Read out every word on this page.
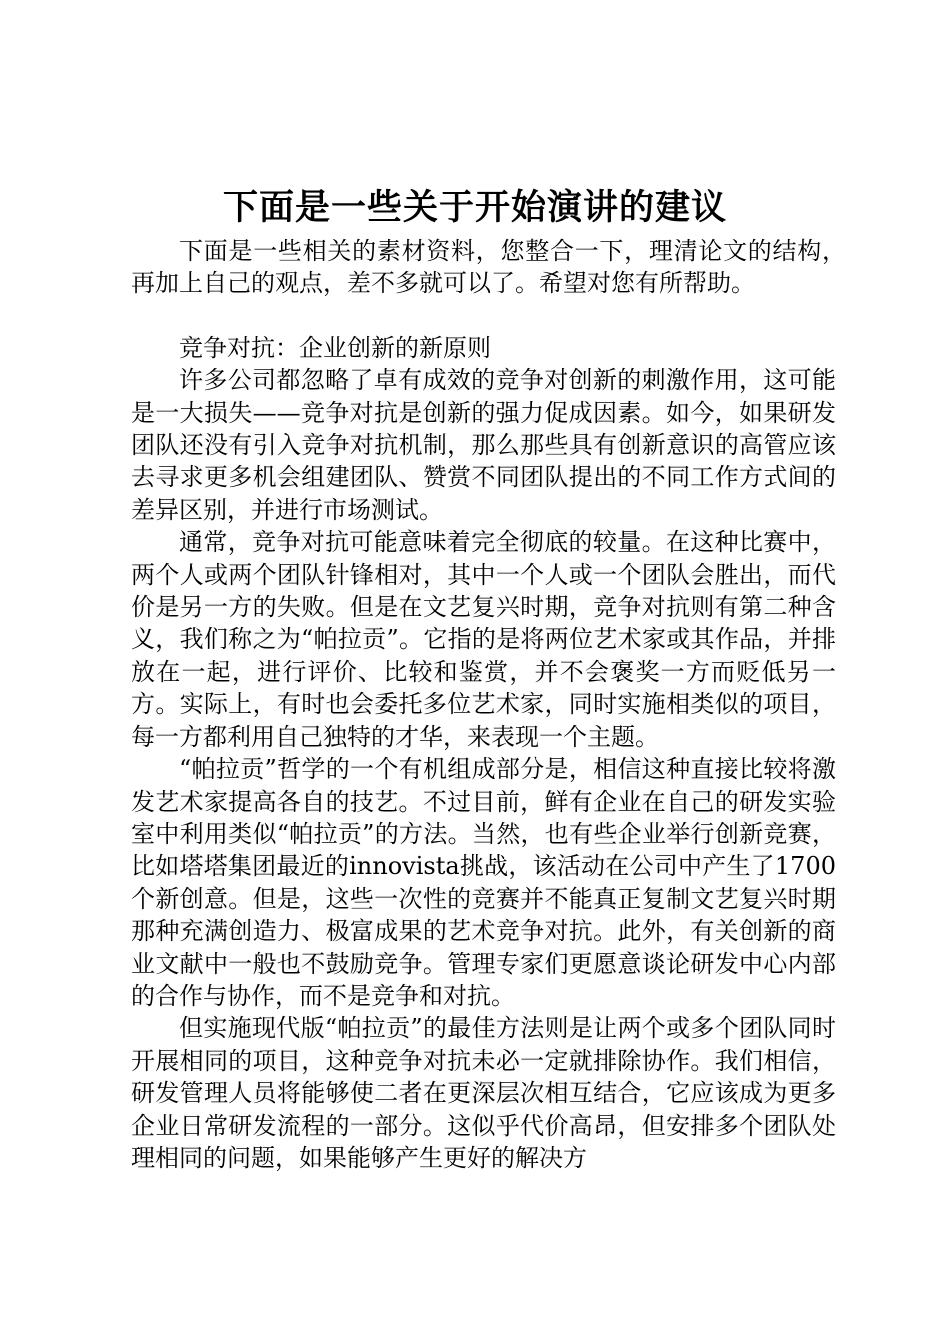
下面是一些关于开始演讲的建议

下面是一些相关的素材资料，您整合一下，理清论文的结构，再加上自己的观点，差不多就可以了。希望对您有所帮助。

竞争对抗：企业创新的新原则

许多公司都忽略了卓有成效的竞争对创新的刺激作用，这可能是一大损失——竞争对抗是创新的强力促成因素。如今，如果研发团队还没有引入竞争对抗机制，那么那些具有创新意识的高管应该去寻求更多机会组建团队、赞赏不同团队提出的不同工作方式间的差异区别，并进行市场测试。

通常，竞争对抗可能意味着完全彻底的较量。在这种比赛中，两个人或两个团队针锋相对，其中一个人或一个团队会胜出，而代价是另一方的失败。但是在文艺复兴时期，竞争对抗则有第二种含义，我们称之为“帕拉贡”。它指的是将两位艺术家或其作品，并排放在一起，进行评价、比较和鉴赏，并不会褒奖一方而贬低另一方。实际上，有时也会委托多位艺术家，同时实施相类似的项目，每一方都利用自己独特的才华，来表现一个主题。

“帕拉贡”哲学的一个有机组成部分是，相信这种直接比较将激发艺术家提高各自的技艺。不过目前，鲜有企业在自己的研发实验室中利用类似“帕拉贡”的方法。当然，也有些企业举行创新竞赛，比如塔塔集团最近的innovista挑战，该活动在公司中产生了1700个新创意。但是，这些一次性的竞赛并不能真正复制文艺复兴时期那种充满创造力、极富成果的艺术竞争对抗。此外，有关创新的商业文献中一般也不鼓励竞争。管理专家们更愿意谈论研发中心内部的合作与协作，而不是竞争和对抗。

但实施现代版“帕拉贡”的最佳方法则是让两个或多个团队同时开展相同的项目，这种竞争对抗未必一定就排除协作。我们相信，研发管理人员将能够使二者在更深层次相互结合，它应该成为更多企业日常研发流程的一部分。这似乎代价高昂，但安排多个团队处理相同的问题，如果能够产生更好的解决方
